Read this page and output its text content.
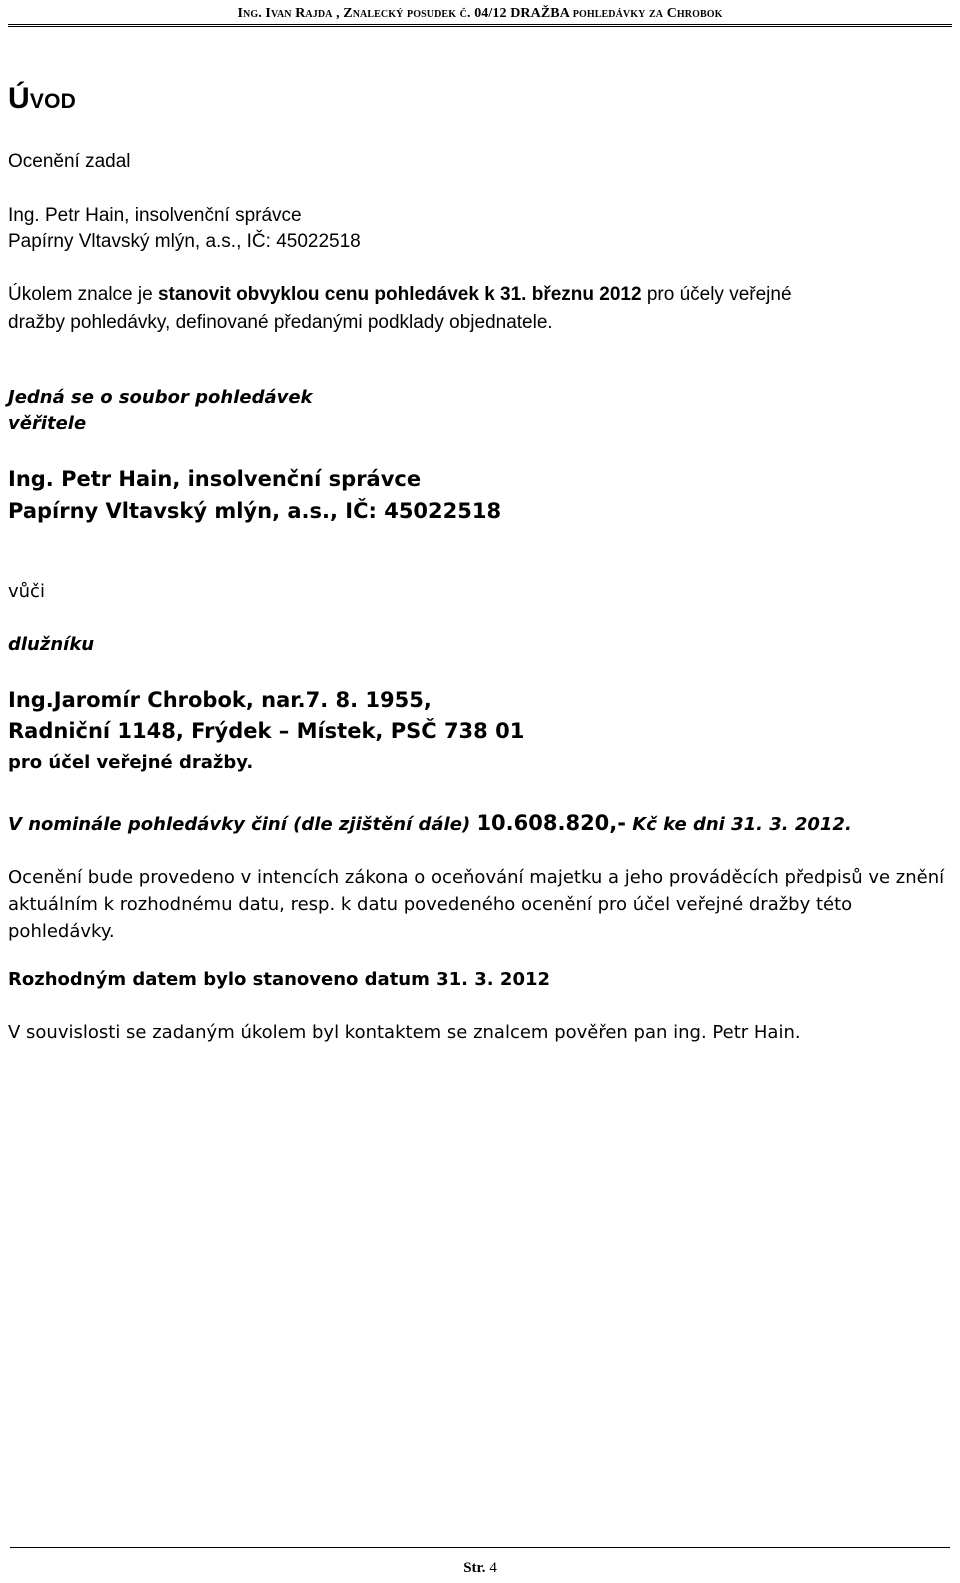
Ing. Ivan Rajda , Znalecký posudek č. 04/12 DRAŽBA pohledávky za Chrobok
Úvod
Ocenění zadal
Ing. Petr Hain, insolvenční správce
Papírny Vltavský mlýn, a.s., IČ: 45022518
Úkolem znalce je stanovit obvyklou cenu pohledávek k 31. březnu 2012 pro účely veřejné
dražby pohledávky, definované předanými podklady objednatele.
Jedná se o soubor pohledávek
věřitele
Ing. Petr Hain, insolvenční správce
Papírny Vltavský mlýn, a.s., IČ: 45022518
vůči
dlužníku
Ing.Jaromír Chrobok, nar.7. 8. 1955,
Radniční 1148, Frýdek – Místek, PSČ 738 01
pro účel veřejné dražby.
V nominále pohledávky činí (dle zjištění dále) 10.608.820,- Kč ke dni 31. 3. 2012.
Ocenění bude provedeno v intencích zákona o oceňování majetku a jeho prováděcích předpisů ve znění aktuálním k rozhodnému datu, resp. k datu povedeného ocenění pro účel veřejné dražby této pohledávky.
Rozhodným datem bylo stanoveno datum 31. 3. 2012
V souvislosti se zadaným úkolem byl kontaktem se znalcem pověřen pan ing. Petr Hain.
Str. 4
